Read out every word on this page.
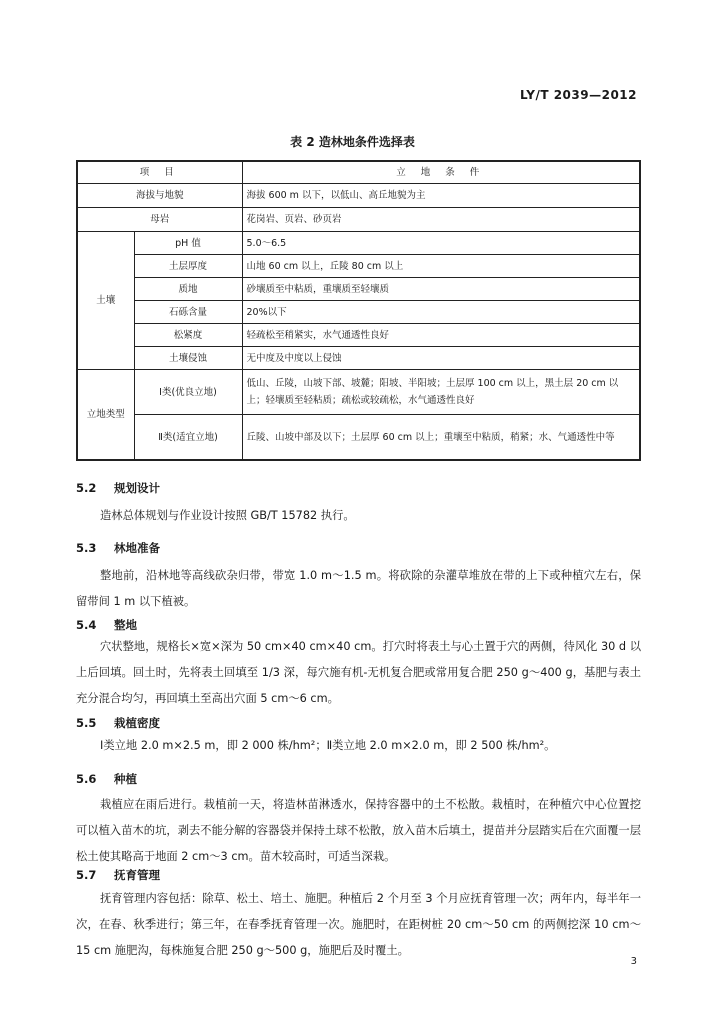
LY/T 2039—2012
表 2 造林地条件选择表
项 目		立 地 条 件
海拔与地貌		海拔 600 m 以下，以低山、高丘地貌为主
母岩		花岗岩、页岩、砂页岩
土壤	pH 值	5.0～6.5
	土层厚度	山地 60 cm 以上，丘陵 80 cm 以上
	质地	砂壤质至中粘质，重壤质至轻壤质
	石砾含量	20%以下
	松紧度	轻疏松至稍紧实，水气通透性良好
	土壤侵蚀	无中度及中度以上侵蚀
立地类型	Ⅰ类(优良立地)	低山、丘陵，山坡下部、坡麓；阳坡、半阳坡；土层厚 100 cm 以上，黑土层 20 cm 以上；轻壤质至轻粘质；疏松或较疏松，水气通透性良好
	Ⅱ类(适宜立地)	丘陵、山坡中部及以下；土层厚 60 cm 以上；重壤至中粘质，稍紧；水、气通透性中等
5.2 规划设计
造林总体规划与作业设计按照 GB/T 15782 执行。
5.3 林地准备
整地前，沿林地等高线砍杂归带，带宽 1.0 m～1.5 m。将砍除的杂灌草堆放在带的上下或种植穴左右，保留带间 1 m 以下植被。
5.4 整地
穴状整地，规格长×宽×深为 50 cm×40 cm×40 cm。打穴时将表土与心土置于穴的两侧，待风化 30 d 以上后回填。回土时，先将表土回填至 1/3 深，每穴施有机-无机复合肥或常用复合肥 250 g～400 g，基肥与表土充分混合均匀，再回填土至高出穴面 5 cm～6 cm。
5.5 栽植密度
Ⅰ类立地 2.0 m×2.5 m，即 2 000 株/hm²；Ⅱ类立地 2.0 m×2.0 m，即 2 500 株/hm²。
5.6 种植
栽植应在雨后进行。栽植前一天，将造林苗淋透水，保持容器中的土不松散。栽植时，在种植穴中心位置挖可以植入苗木的坑，剥去不能分解的容器袋并保持土球不松散，放入苗木后填土，提苗并分层踏实后在穴面覆一层松土使其略高于地面 2 cm～3 cm。苗木较高时，可适当深栽。
5.7 抚育管理
抚育管理内容包括：除草、松土、培土、施肥。种植后 2 个月至 3 个月应抚育管理一次；两年内，每半年一次，在春、秋季进行；第三年，在春季抚育管理一次。施肥时，在距树桩 20 cm～50 cm 的两侧挖深 10 cm～15 cm 施肥沟，每株施复合肥 250 g～500 g，施肥后及时覆土。
3
